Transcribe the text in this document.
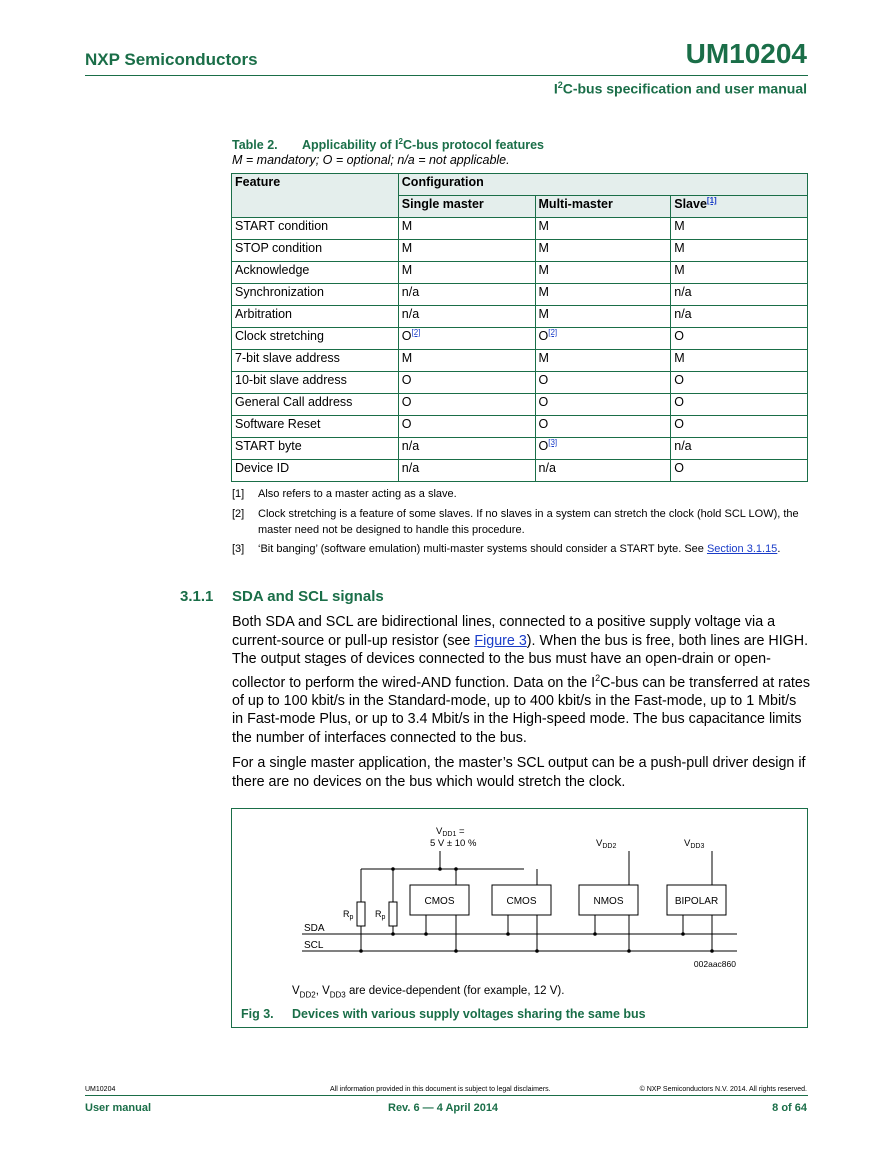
NXP Semiconductors	UM10204
$I^2C$-bus specification and user manual
Table 2. Applicability of $I^2C$-bus protocol features
M = mandatory; O = optional; n/a = not applicable.
Feature	Configuration		
	Single master	Multi-master	Slave[1]
START condition	M	M	M
STOP condition	M	M	M
Acknowledge	M	M	M
Synchronization	n/a	M	n/a
Arbitration	n/a	M	n/a
Clock stretching	O[2]	O[2]	O
7-bit slave address	M	M	M
10-bit slave address	O	O	O
General Call address	O	O	O
Software Reset	O	O	O
START byte	n/a	O[3]	n/a
Device ID	n/a	n/a	O
[1] Also refers to a master acting as a slave.
[2] Clock stretching is a feature of some slaves. If no slaves in a system can stretch the clock (hold SCL LOW), the master need not be designed to handle this procedure.
[3] ‘Bit banging’ (software emulation) multi-master systems should consider a START byte. See Section 3.1.15.
3.1.1 SDA and SCL signals
Both SDA and SCL are bidirectional lines, connected to a positive supply voltage via a current-source or pull-up resistor (see Figure 3). When the bus is free, both lines are HIGH. The output stages of devices connected to the bus must have an open-drain or open-collector to perform the wired-AND function. Data on the $I^2C$-bus can be transferred at rates of up to 100 kbit/s in the Standard-mode, up to 400 kbit/s in the Fast-mode, up to 1 Mbit/s in Fast-mode Plus, or up to 3.4 Mbit/s in the High-speed mode. The bus capacitance limits the number of interfaces connected to the bus.
For a single master application, the master’s SCL output can be a push-pull driver design if there are no devices on the bus which would stretch the clock.
$V_{DD1}$ =
5 V ± 10 %	$V_{DD2}$	$V_{DD3}$
$R_p$ $R_p$
CMOS	CMOS	NMOS	BIPOLAR
SDA
SCL
002aac860
$V_{DD2}$, $V_{DD3}$ are device-dependent (for example, 12 V).
Fig 3. Devices with various supply voltages sharing the same bus
UM10204	All information provided in this document is subject to legal disclaimers.	© NXP Semiconductors N.V. 2014. All rights reserved.
User manual	Rev. 6 — 4 April 2014	8 of 64
